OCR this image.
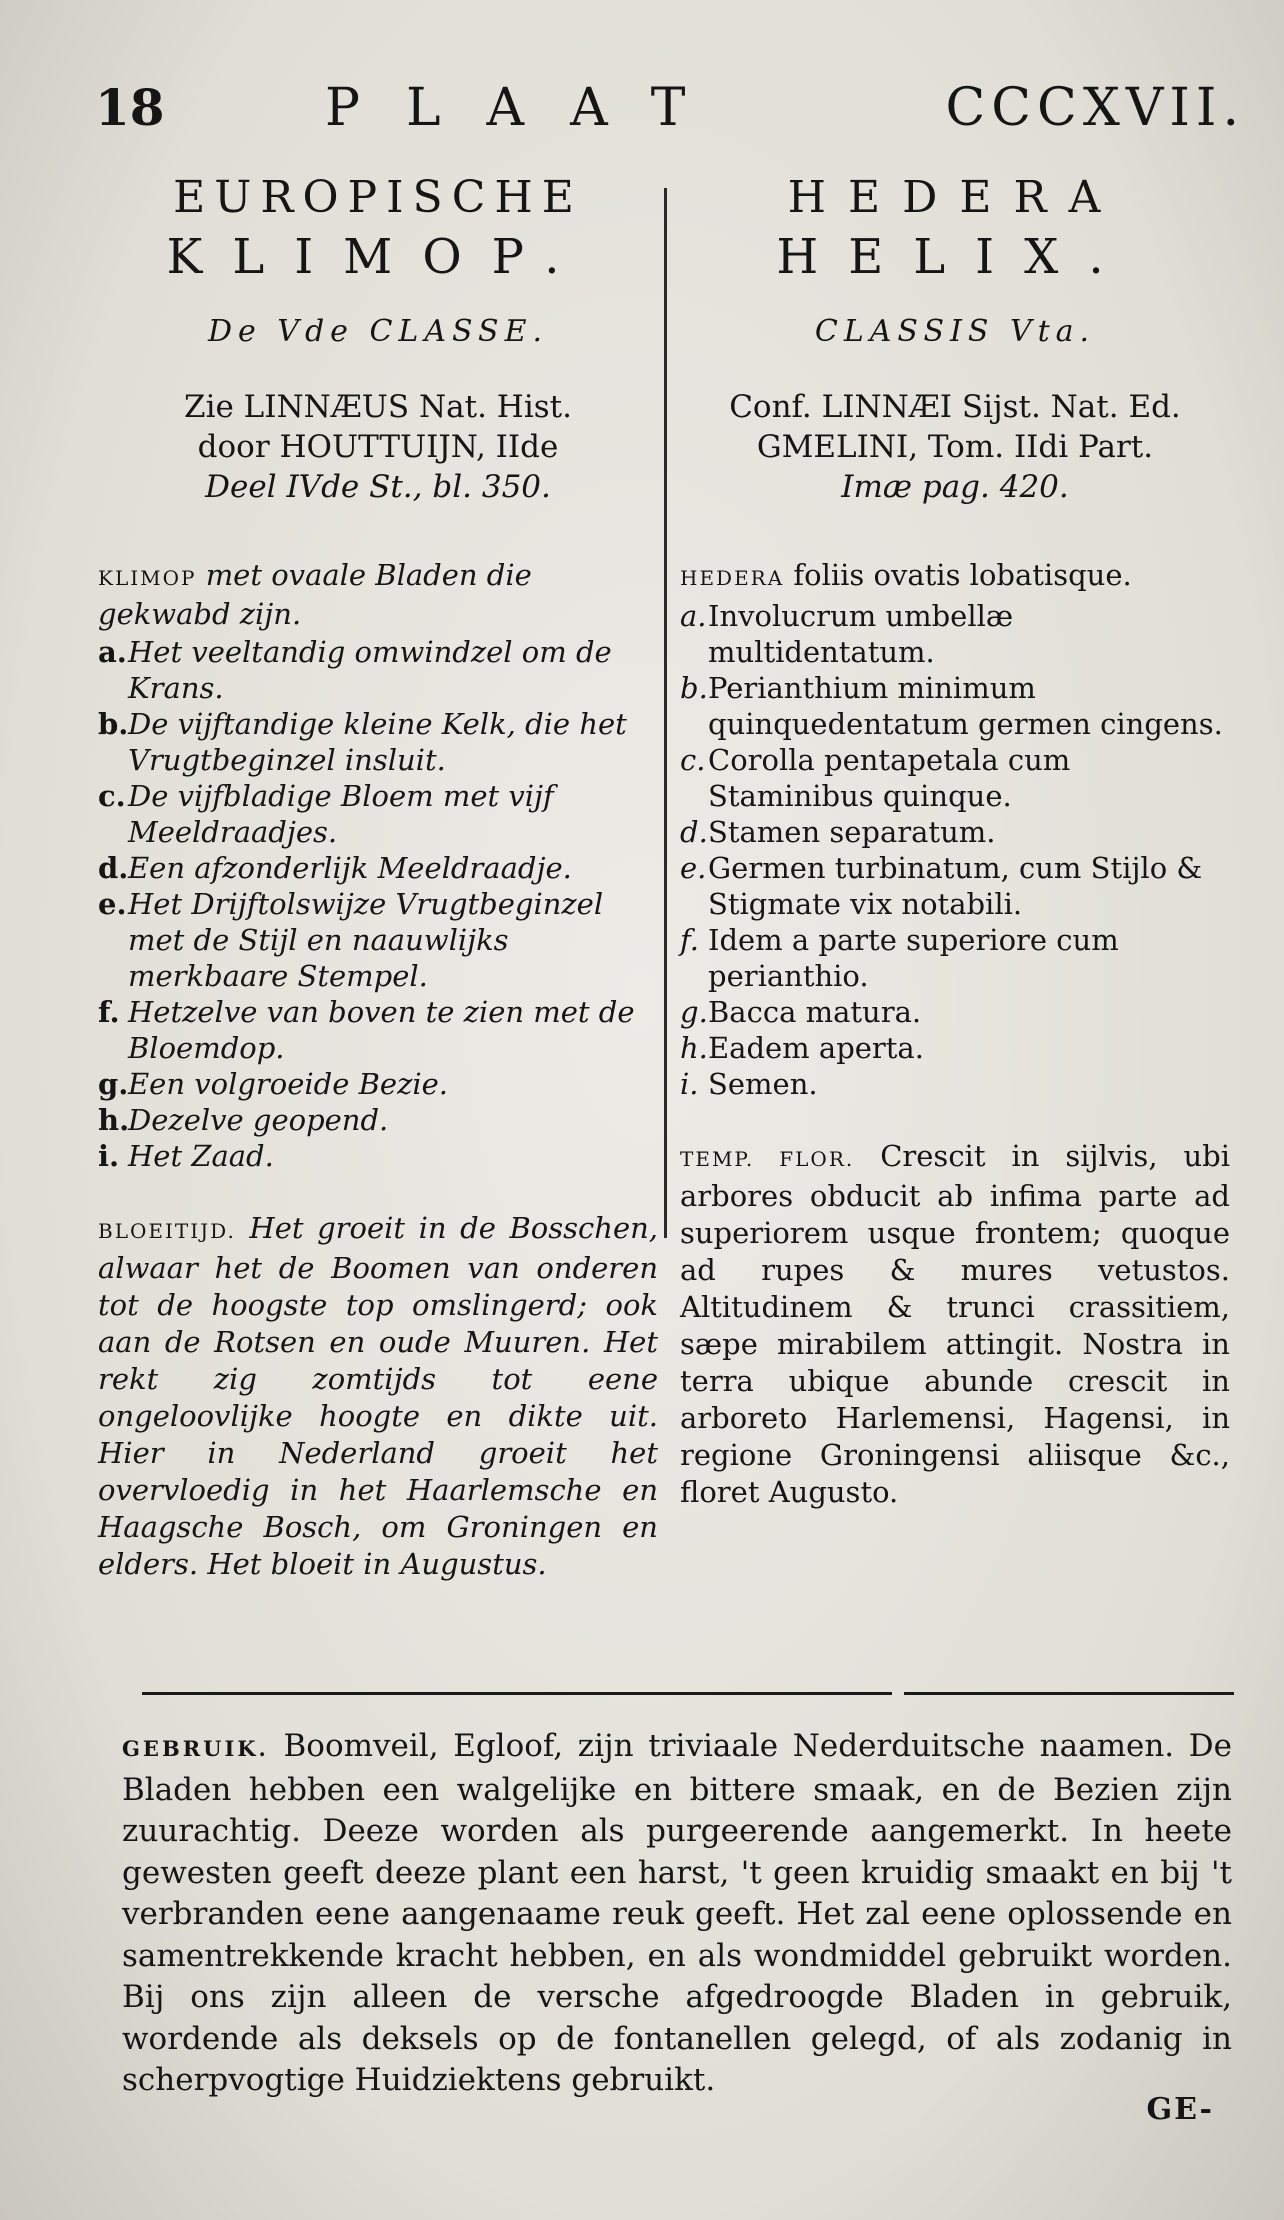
18	PLAAT	CCCXVII.
EUROPISCHE
KLIMOP.
De Vde CLASSE.
Zie LINNÆUS Nat. Hist.
door HOUTTUIJN, IIde
Deel IVde St., bl. 350.
KLIMOP met ovaale Bladen die gekwabd zijn.
a. Het veeltandig omwindzel om de Krans.
b. De vijftandige kleine Kelk, die het Vrugtbeginzel insluit.
c. De vijfbladige Bloem met vijf Meeldraadjes.
d. Een afzonderlijk Meeldraadje.
e. Het Drijftolswijze Vrugtbeginzel met de Stijl en naauwlijks merkbaare Stempel.
f. Hetzelve van boven te zien met de Bloemdop.
g. Een volgroeide Bezie.
h.
Dezelve geopend.
i. Het Zaad.
BLOEITIJD. Het groeit in de Bosschen, alwaar het de Boomen van onderen tot de hoogste top omslingerd; ook aan de Rotsen en oude Muuren. Het rekt zig zomtijds tot eene ongeloovlijke hoogte en dikte uit. Hier in Nederland groeit het overvloedig in het Haarlemsche en Haagsche Bosch, om Groningen en elders. Het bloeit in Augustus.
HEDERA
HELIX.
CLASSIS Vta.
Conf. LINNÆI Sijst. Nat. Ed.
GMELINI, Tom. IIdi Part.
Imæ pag. 420.
HEDERA foliis ovatis lobatisque.
a. Involucrum umbellæ multidentatum.
b. Perianthium minimum quinquedentatum germen cingens.
c. Corolla pentapetala cum Staminibus quinque.
d. Stamen separatum.
e. Germen turbinatum, cum Stijlo & Stigmate vix notabili.
f. Idem a parte superiore cum perianthio.
g. Bacca matura.
h. Eadem aperta.
i. Semen.
TEMP. FLOR. Crescit in sijlvis, ubi arbores obducit ab infima parte ad superiorem usque frontem; quoque ad rupes & mures vetustos. Altitudinem & trunci crassitiem, sæpe mirabilem attingit. Nostra in terra ubique abunde crescit in arboreto Harlemensi, Hagensi, in regione Groningensi aliisque &c., floret Augusto.
GEBRUIK. Boomveil, Egloof, zijn triviaale Nederduitsche naamen. De Bladen hebben een walgelijke en bittere smaak, en de Bezien zijn zuurachtig. Deeze worden als purgeerende aangemerkt. In heete gewesten geeft deeze plant een harst, 't geen kruidig smaakt en bij 't verbranden eene aangenaame reuk geeft. Het zal eene oplossende en samentrekkende kracht hebben, en als wondmiddel gebruikt worden. Bij ons zijn alleen de versche afgedroogde Bladen in gebruik, wordende als deksels op de fontanellen gelegd, of als zodanig in scherpvogtige Huidziektens gebruikt.
GE-
